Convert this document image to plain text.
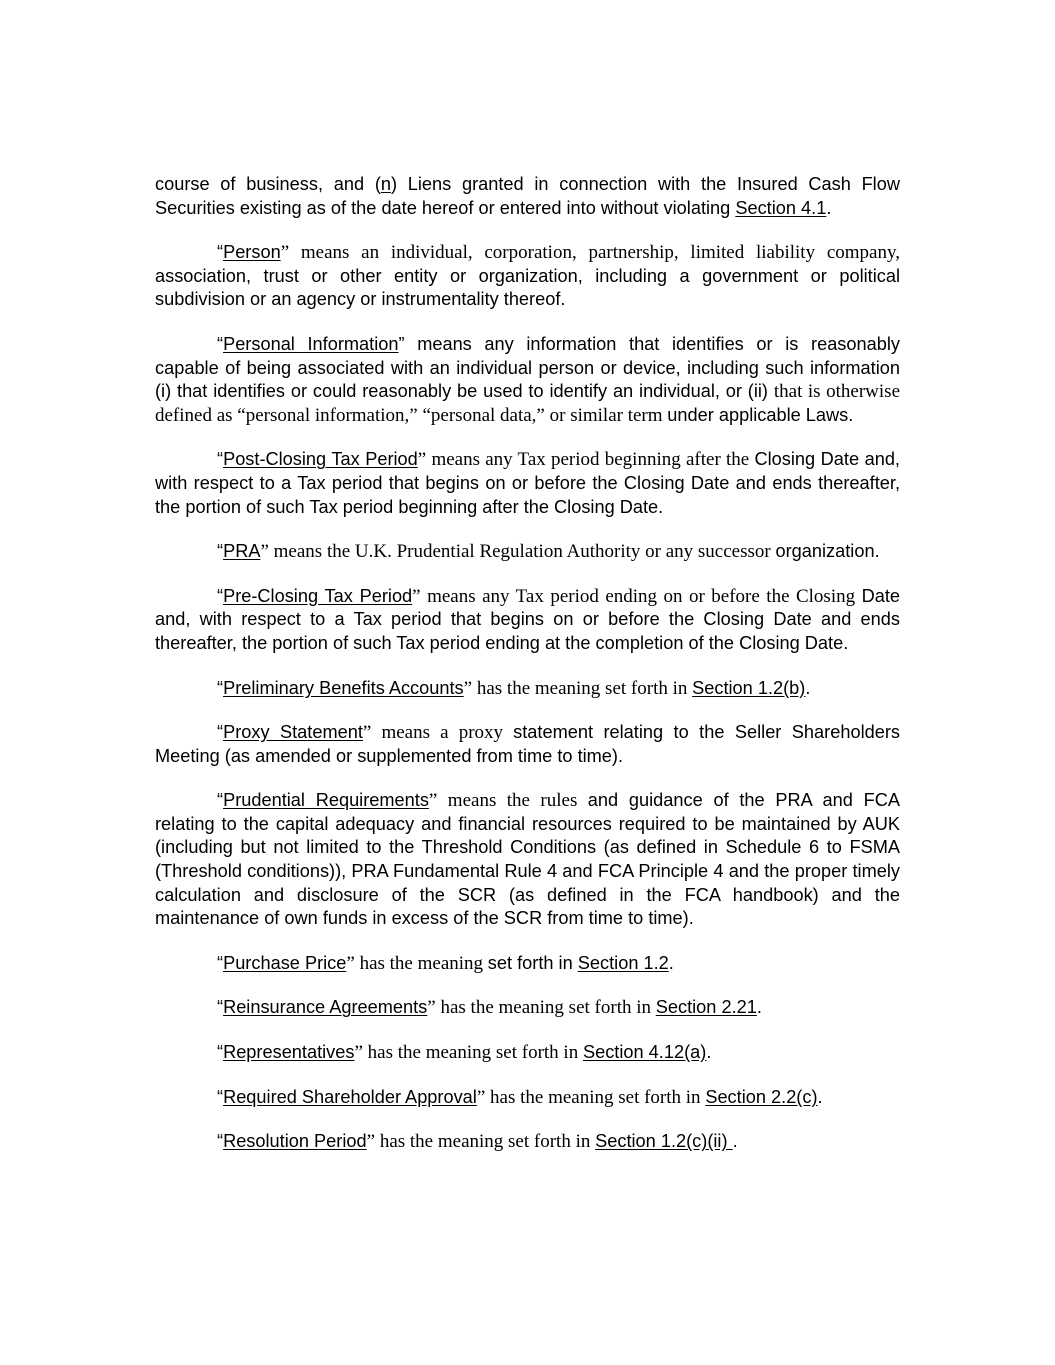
course of business, and (n) Liens granted in connection with the Insured Cash Flow Securities existing as of the date hereof or entered into without violating Section 4.1.

“Person” means an individual, corporation, partnership, limited liability company, association, trust or other entity or organization, including a government or political subdivision or an agency or instrumentality thereof.

“Personal Information” means any information that identifies or is reasonably capable of being associated with an individual person or device, including such information (i) that identifies or could reasonably be used to identify an individual, or (ii) that is otherwise defined as “personal information,” “personal data,” or similar term under applicable Laws.

“Post-Closing Tax Period” means any Tax period beginning after the Closing Date and, with respect to a Tax period that begins on or before the Closing Date and ends thereafter, the portion of such Tax period beginning after the Closing Date.

“PRA” means the U.K. Prudential Regulation Authority or any successor organization.

“Pre-Closing Tax Period” means any Tax period ending on or before the Closing Date and, with respect to a Tax period that begins on or before the Closing Date and ends thereafter, the portion of such Tax period ending at the completion of the Closing Date.

“Preliminary Benefits Accounts” has the meaning set forth in Section 1.2(b).

“Proxy Statement” means a proxy statement relating to the Seller Shareholders Meeting (as amended or supplemented from time to time).

“Prudential Requirements” means the rules and guidance of the PRA and FCA relating to the capital adequacy and financial resources required to be maintained by AUK (including but not limited to the Threshold Conditions (as defined in Schedule 6 to FSMA (Threshold conditions)), PRA Fundamental Rule 4 and FCA Principle 4 and the proper timely calculation and disclosure of the SCR (as defined in the FCA handbook) and the maintenance of own funds in excess of the SCR from time to time).

“Purchase Price” has the meaning set forth in Section 1.2.

“Reinsurance Agreements” has the meaning set forth in Section 2.21.

“Representatives” has the meaning set forth in Section 4.12(a).

“Required Shareholder Approval” has the meaning set forth in Section 2.2(c).

“Resolution Period” has the meaning set forth in Section 1.2(c)(ii) .
